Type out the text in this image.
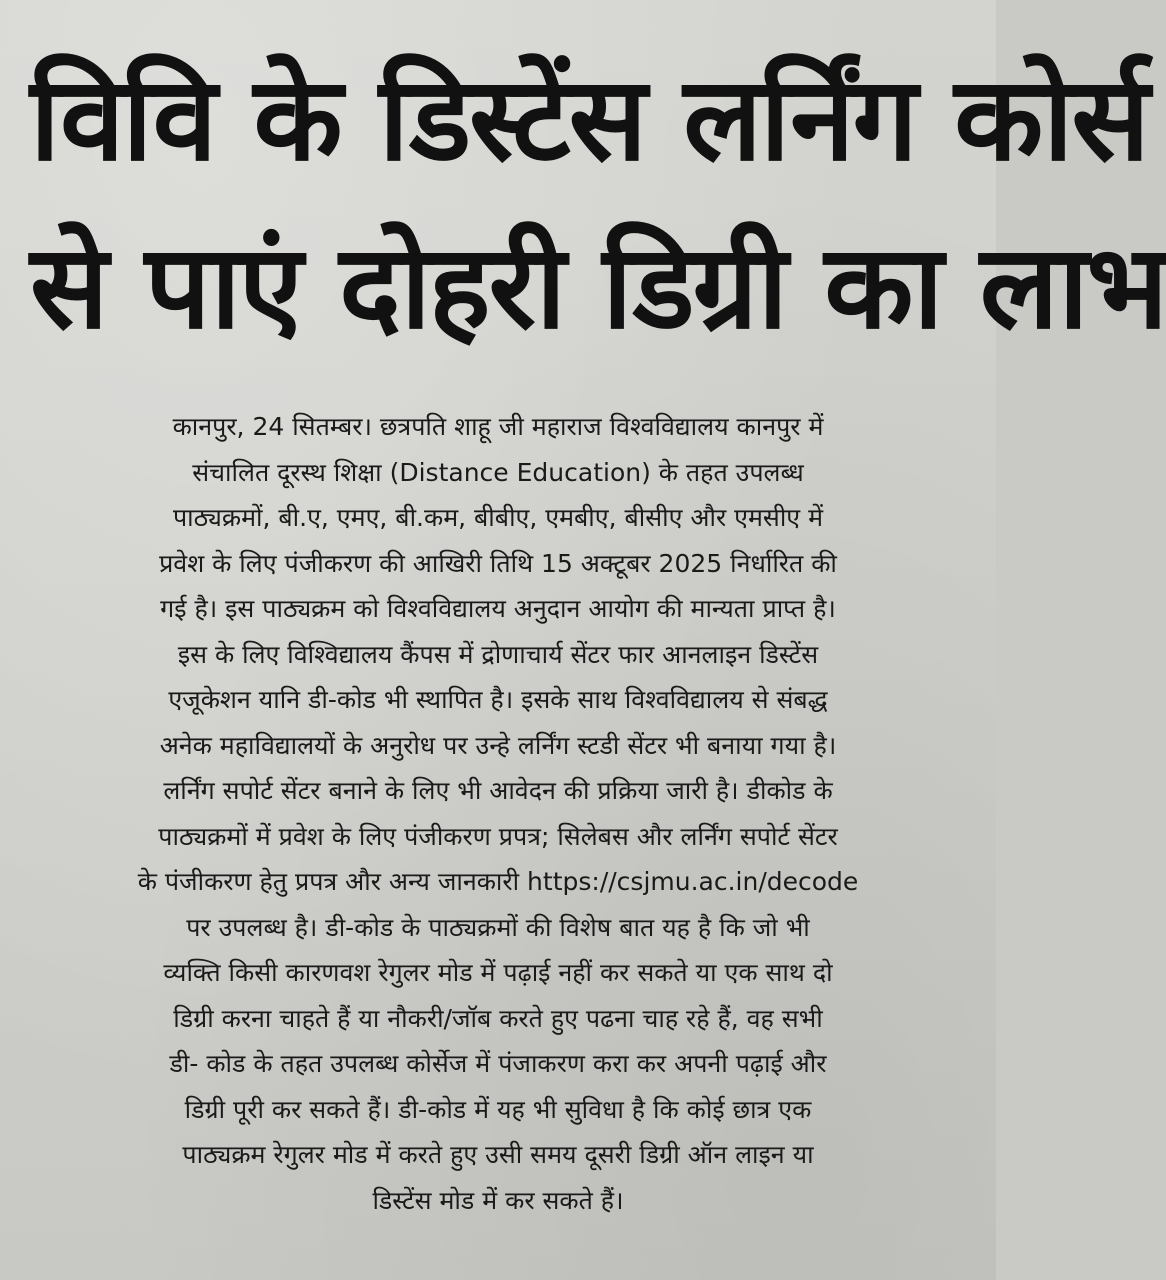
विवि के डिस्टेंस लर्निंग कोर्स
से पाएं दोहरी डिग्री का लाभ
कानपुर, 24 सितम्बर। छत्रपति शाहू जी महाराज विश्वविद्यालय कानपुर में
संचालित दूरस्थ शिक्षा (Distance Education) के तहत उपलब्ध
पाठ्यक्रमों, बी.ए, एमए, बी.कम, बीबीए, एमबीए, बीसीए और एमसीए में
प्रवेश के लिए पंजीकरण की आखिरी तिथि 15 अक्टूबर 2025 निर्धारित की
गई है। इस पाठ्यक्रम को विश्वविद्यालय अनुदान आयोग की मान्यता प्राप्त है।
इस के लिए विश्विद्यालय कैंपस में द्रोणाचार्य सेंटर फार आनलाइन डिस्टेंस
एजूकेशन यानि डी-कोड भी स्थापित है। इसके साथ विश्वविद्यालय से संबद्ध
अनेक महाविद्यालयों के अनुरोध पर उन्हे लर्निंग स्टडी सेंटर भी बनाया गया है।
लर्निंग सपोर्ट सेंटर बनाने के लिए भी आवेदन की प्रक्रिया जारी है। डीकोड के
पाठ्यक्रमों में प्रवेश के लिए पंजीकरण प्रपत्र; सिलेबस और लर्निंग सपोर्ट सेंटर
के पंजीकरण हेतु प्रपत्र और अन्य जानकारी https://csjmu.ac.in/decode
पर उपलब्ध है। डी-कोड के पाठ्यक्रमों की विशेष बात यह है कि जो भी
व्यक्ति किसी कारणवश रेगुलर मोड में पढ़ाई नहीं कर सकते या एक साथ दो
डिग्री करना चाहते हैं या नौकरी/जॉब करते हुए पढना चाह रहे हैं, वह सभी
डी- कोड के तहत उपलब्ध कोर्सेज में पंजाकरण करा कर अपनी पढ़ाई और
डिग्री पूरी कर सकते हैं। डी-कोड में यह भी सुविधा है कि कोई छात्र एक
पाठ्यक्रम रेगुलर मोड में करते हुए उसी समय दूसरी डिग्री ऑन लाइन या
डिस्टेंस मोड में कर सकते हैं।
